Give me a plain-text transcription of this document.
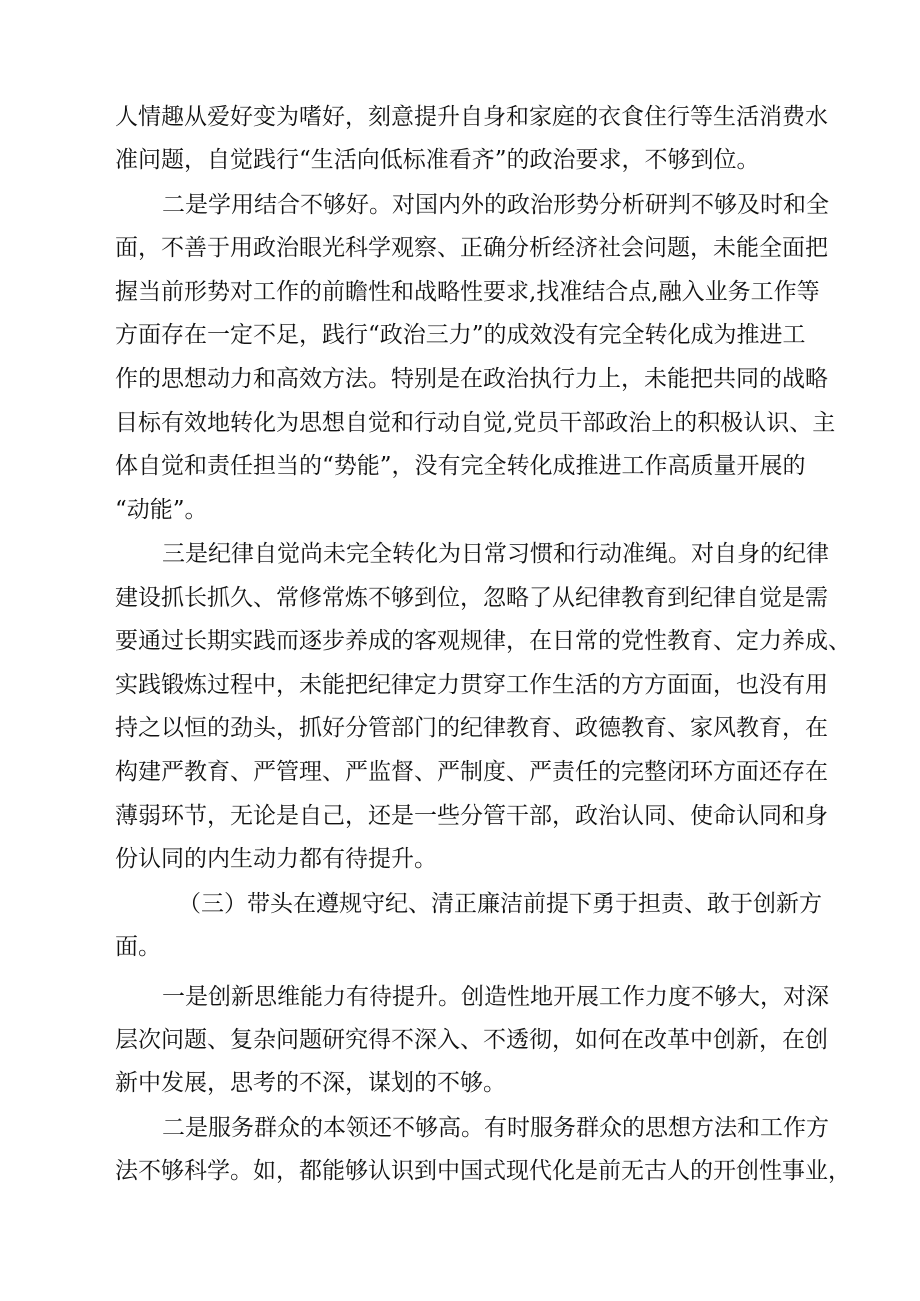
人情趣从爱好变为嗜好，刻意提升自身和家庭的衣食住行等生活消费水
准问题，自觉践行“生活向低标准看齐”的政治要求，不够到位。
二是学用结合不够好。对国内外的政治形势分析研判不够及时和全
面，不善于用政治眼光科学观察、正确分析经济社会问题，未能全面把
握当前形势对工作的前瞻性和战略性要求,找准结合点,融入业务工作等
方面存在一定不足，践行“政治三力”的成效没有完全转化成为推进工
作的思想动力和高效方法。特别是在政治执行力上，未能把共同的战略
目标有效地转化为思想自觉和行动自觉,党员干部政治上的积极认识、主
体自觉和责任担当的“势能”，没有完全转化成推进工作高质量开展的
“动能”。
三是纪律自觉尚未完全转化为日常习惯和行动准绳。对自身的纪律
建设抓长抓久、常修常炼不够到位，忽略了从纪律教育到纪律自觉是需
要通过长期实践而逐步养成的客观规律，在日常的党性教育、定力养成、
实践锻炼过程中，未能把纪律定力贯穿工作生活的方方面面，也没有用
持之以恒的劲头，抓好分管部门的纪律教育、政德教育、家风教育，在
构建严教育、严管理、严监督、严制度、严责任的完整闭环方面还存在
薄弱环节，无论是自己，还是一些分管干部，政治认同、使命认同和身
份认同的内生动力都有待提升。
（三）带头在遵规守纪、清正廉洁前提下勇于担责、敢于创新方
面。
一是创新思维能力有待提升。创造性地开展工作力度不够大，对深
层次问题、复杂问题研究得不深入、不透彻，如何在改革中创新，在创
新中发展，思考的不深，谋划的不够。
二是服务群众的本领还不够高。有时服务群众的思想方法和工作方
法不够科学。如，都能够认识到中国式现代化是前无古人的开创性事业，
